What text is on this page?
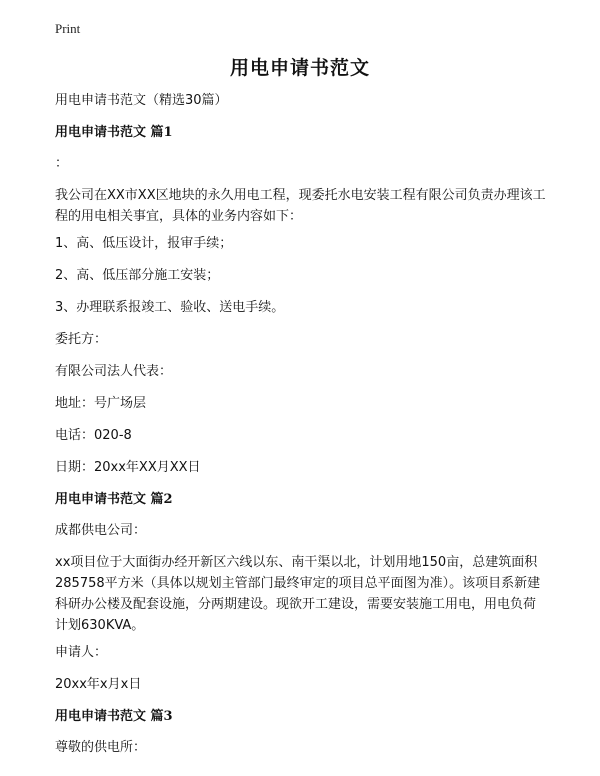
Print
用电申请书范文

用电申请书范文（精选30篇）

用电申请书范文 篇1

：

我公司在XX市XX区地块的永久用电工程，现委托水电安装工程有限公司负责办理该工程的用电相关事宜，具体的业务内容如下：

1、高、低压设计，报审手续；

2、高、低压部分施工安装；

3、办理联系报竣工、验收、送电手续。

委托方：

有限公司法人代表：

地址：号广场层

电话：020-8

日期：20xx年XX月XX日

用电申请书范文 篇2

成都供电公司：

xx项目位于大面街办经开新区六线以东、南干渠以北，计划用地150亩，总建筑面积285758平方米（具体以规划主管部门最终审定的项目总平面图为准）。该项目系新建科研办公楼及配套设施，分两期建设。现欲开工建设，需要安装施工用电，用电负荷计划630KVA。

申请人：

20xx年x月x日

用电申请书范文 篇3

尊敬的供电所：
